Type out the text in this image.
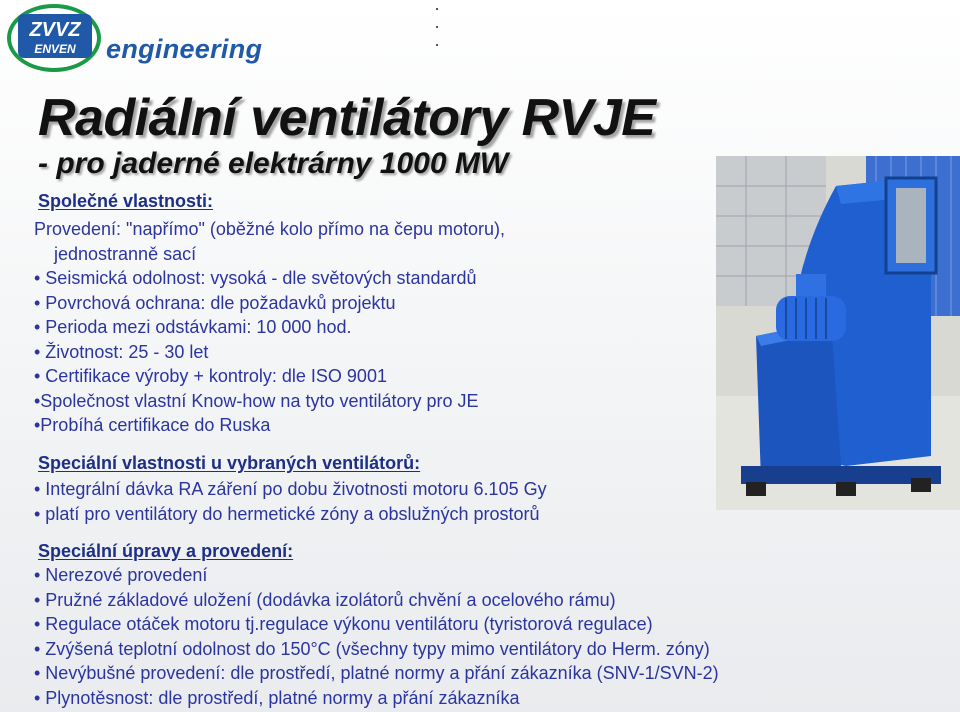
ZVVZ
ENVEN engineering
Radiální ventilátory RVJE
- pro jaderné elektrárny 1000 MW
Společné vlastnosti:
Provedení: "napřímo" (oběžné kolo přímo na čepu motoru),
jednostranně sací
• Seismická odolnost: vysoká - dle světových standardů
• Povrchová ochrana: dle požadavků projektu
• Perioda mezi odstávkami: 10 000 hod.
• Životnost: 25 - 30 let
• Certifikace výroby + kontroly: dle ISO 9001
•Společnost vlastní Know-how na tyto ventilátory pro JE
•Probíhá certifikace do Ruska
Speciální vlastnosti u vybraných ventilátorů:
• Integrální dávka RA záření po dobu životnosti motoru 6.105 Gy
• platí pro ventilátory do hermetické zóny a obslužných prostorů
Speciální úpravy a provedení:
• Nerezové provedení
• Pružné základové uložení (dodávka izolátorů chvění a ocelového rámu)
• Regulace otáček motoru tj.regulace výkonu ventilátoru (tyristorová regulace)
• Zvýšená teplotní odolnost do 150°C (všechny typy mimo ventilátory do Herm. zóny)
• Nevýbušné provedení: dle prostředí, platné normy a přání zákazníka (SNV-1/SVN-2)
• Plynotěsnost: dle prostředí, platné normy a přání zákazníka
